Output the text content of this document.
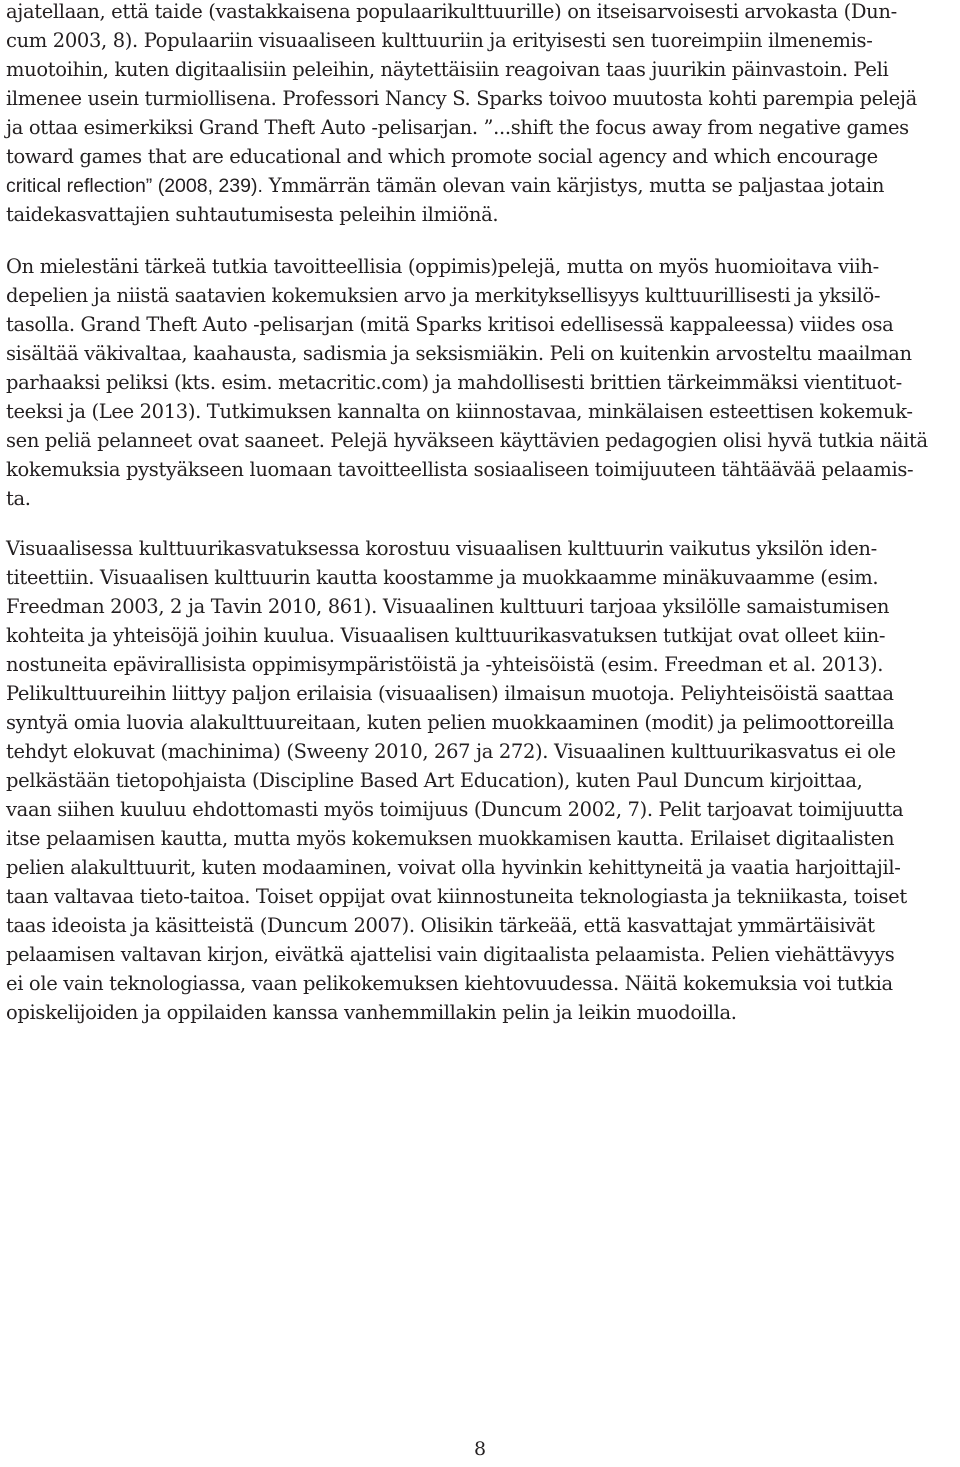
ajatellaan, että taide (vastakkaisena populaarikulttuurille) on itseisarvoisesti arvokasta (Dun-
cum 2003, 8). Populaariin visuaaliseen kulttuuriin ja erityisesti sen tuoreimpiin ilmenemis-
muotoihin, kuten digitaalisiin peleihin, näytettäisiin reagoivan taas juurikin päinvastoin. Peli
ilmenee usein turmiollisena. Professori Nancy S. Sparks toivoo muutosta kohti parempia pelejä
ja ottaa esimerkiksi Grand Theft Auto -pelisarjan. ”...shift the focus away from negative games
toward games that are educational and which promote social agency and which encourage
critical reflection” (2008, 239). Ymmärrän tämän olevan vain kärjistys, mutta se paljastaa jotain
taidekasvattajien suhtautumisesta peleihin ilmiönä.
On mielestäni tärkeä tutkia tavoitteellisia (oppimis)pelejä, mutta on myös huomioitava viih-
depelien ja niistä saatavien kokemuksien arvo ja merkityksellisyys kulttuurillisesti ja yksilö-
tasolla. Grand Theft Auto -pelisarjan (mitä Sparks kritisoi edellisessä kappaleessa) viides osa
sisältää väkivaltaa, kaahausta, sadismia ja seksismiäkin. Peli on kuitenkin arvosteltu maailman
parhaaksi peliksi (kts. esim. metacritic.com) ja mahdollisesti brittien tärkeimmäksi vientituot-
teeksi ja (Lee 2013). Tutkimuksen kannalta on kiinnostavaa, minkälaisen esteettisen kokemuk-
sen peliä pelanneet ovat saaneet. Pelejä hyväkseen käyttävien pedagogien olisi hyvä tutkia näitä
kokemuksia pystyäkseen luomaan tavoitteellista sosiaaliseen toimijuuteen tähtäävää pelaamis-
ta.
Visuaalisessa kulttuurikasvatuksessa korostuu visuaalisen kulttuurin vaikutus yksilön iden-
titeettiin. Visuaalisen kulttuurin kautta koostamme ja muokkaamme minäkuvaamme (esim.
Freedman 2003, 2 ja Tavin 2010, 861). Visuaalinen kulttuuri tarjoaa yksilölle samaistumisen
kohteita ja yhteisöjä joihin kuulua. Visuaalisen kulttuurikasvatuksen tutkijat ovat olleet kiin-
nostuneita epävirallisista oppimisympäristöistä ja -yhteisöistä (esim. Freedman et al. 2013).
Pelikulttuureihin liittyy paljon erilaisia (visuaalisen) ilmaisun muotoja. Peliyhteisöistä saattaa
syntyä omia luovia alakulttuureitaan, kuten pelien muokkaaminen (modit) ja pelimoottoreilla
tehdyt elokuvat (machinima) (Sweeny 2010, 267 ja 272). Visuaalinen kulttuurikasvatus ei ole
pelkästään tietopohjaista (Discipline Based Art Education), kuten Paul Duncum kirjoittaa,
vaan siihen kuuluu ehdottomasti myös toimijuus (Duncum 2002, 7). Pelit tarjoavat toimijuutta
itse pelaamisen kautta, mutta myös kokemuksen muokkamisen kautta. Erilaiset digitaalisten
pelien alakulttuurit, kuten modaaminen, voivat olla hyvinkin kehittyneitä ja vaatia harjoittajil-
taan valtavaa tieto-taitoa. Toiset oppijat ovat kiinnostuneita teknologiasta ja tekniikasta, toiset
taas ideoista ja käsitteistä (Duncum 2007). Olisikin tärkeää, että kasvattajat ymmärtäisivät
pelaamisen valtavan kirjon, eivätkä ajattelisi vain digitaalista pelaamista. Pelien viehättävyys
ei ole vain teknologiassa, vaan pelikokemuksen kiehtovuudessa. Näitä kokemuksia voi tutkia
opiskelijoiden ja oppilaiden kanssa vanhemmillakin pelin ja leikin muodoilla.
8
